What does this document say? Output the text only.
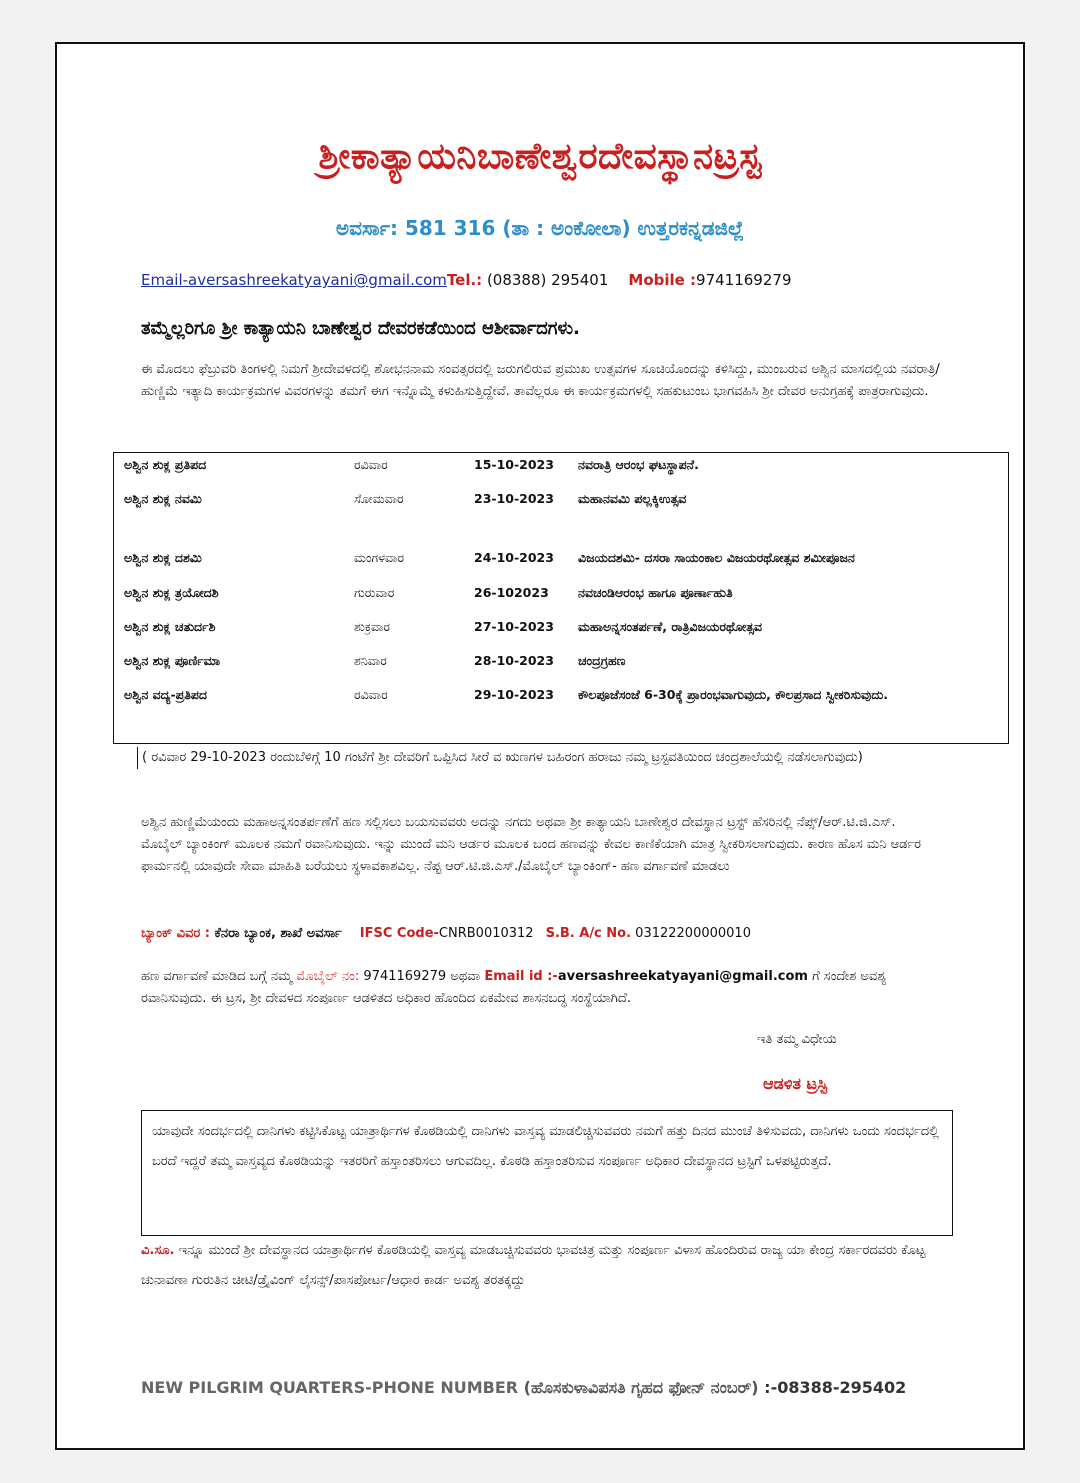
ಶ್ರೀಕಾತ್ಯಾಯನಿಬಾಣೇಶ್ವರದೇವಸ್ಥಾನಟ್ರಸ್ಟ
ಅವರ್ಸಾ: 581 316 (ತಾ : ಅಂಕೋಲಾ) ಉತ್ತರಕನ್ನಡಜಿಲ್ಲೆ
Email-aversashreekatyayani@gmail.comTel.: (08388) 295401 Mobile :9741169279
ತಮ್ಮೆಲ್ಲರಿಗೂ ಶ್ರೀ ಕಾತ್ಯಾಯನಿ ಬಾಣೇಶ್ವರ ದೇವರಕಡೆಯಿಂದ ಆಶೀರ್ವಾದಗಳು.
ಈ ಮೊದಲು ಫೆಬ್ರುವರಿ ತಿಂಗಳಲ್ಲಿ ನಿಮಗೆ ಶ್ರೀದೇವಳದಲ್ಲಿ ಶೋಭನನಾಮ ಸಂವತ್ಸರದಲ್ಲಿ ಜರುಗಲಿರುವ ಪ್ರಮುಖ ಉತ್ಸವಗಳ ಸೂಚಿಯೊಂದನ್ನು ಕಳಿಸಿದ್ದು, ಮುಂಬರುವ ಅಶ್ವಿನ ಮಾಸದಲ್ಲಿಯ ನವರಾತ್ರಿ/ಹುಣ್ಣಿಮೆ ಇತ್ಯಾದಿ ಕಾರ್ಯಕ್ರಮಗಳ ವಿವರಗಳನ್ನು ತಮಗೆ ಈಗ ಇನ್ನೊಮ್ಮೆ ಕಳುಹಿಸುತ್ತಿದ್ದೇವೆ. ತಾವೆಲ್ಲರೂ ಈ ಕಾರ್ಯಕ್ರಮಗಳಲ್ಲಿ ಸಹಕುಟುಂಬ ಭಾಗವಹಿಸಿ ಶ್ರೀ ದೇವರ ಅನುಗ್ರಹಕ್ಕೆ ಪಾತ್ರರಾಗುವುದು.
ಅಶ್ವಿನ ಶುಕ್ಲ ಪ್ರತಿಪದ	ರವಿವಾರ	15-10-2023 ನವರಾತ್ರಿ ಆರಂಭ ಘಟಸ್ಥಾಪನೆ.
ಅಶ್ವಿನ ಶುಕ್ಲ ನವಮಿ	ಸೋಮವಾರ	23-10-2023 ಮಹಾನವಮಿ ಪಲ್ಲಕ್ಕಿಉತ್ಸವ
ಅಶ್ವಿನ ಶುಕ್ಲ ದಶಮಿ	ಮಂಗಳವಾರ	24-10-2023 ವಿಜಯದಶಮಿ- ದಸರಾ ಸಾಯಂಕಾಲ ವಿಜಯರಥೋತ್ಸವ ಶಮೀಪೂಜನ
ಅಶ್ವಿನ ಶುಕ್ಲ ತ್ರಯೋದಶಿ	ಗುರುವಾರ	26-102023 ನವಚಂಡಿಆರಂಭ ಹಾಗೂ ಪೂರ್ಣಾಹುತಿ
ಅಶ್ವಿನ ಶುಕ್ಲ ಚತುರ್ದಶಿ	ಶುಕ್ರವಾರ	27-10-2023 ಮಹಾಅನ್ನಸಂತರ್ಪಣೆ, ರಾತ್ರಿವಿಜಯರಥೋತ್ಸವ
ಅಶ್ವಿನ ಶುಕ್ಲ ಪೂರ್ಣಿಮಾ	ಶನಿವಾರ	28-10-2023 ಚಂದ್ರಗ್ರಹಣ
ಅಶ್ವಿನ ವದ್ಯ-ಪ್ರತಿಪದ	ರವಿವಾರ	29-10-2023 ಕೌಲಪೂಜೆಸಂಜೆ 6-30ಕ್ಕೆ ಪ್ರಾರಂಭವಾಗುವುದು, ಕೌಲಪ್ರಸಾದ ಸ್ವೀಕರಿಸುವುದು.
( ರವಿವಾರ 29-10-2023 ರಂದುಬೆಳಿಗ್ಗೆ 10 ಗಂಟೆಗೆ ಶ್ರೀ ದೇವರಿಗೆ ಒಪ್ಪಿಸಿದ ಸೀರೆ ವ ಋಣಗಳ ಬಹಿರಂಗ ಹರಾಜು ನಮ್ಮ ಟ್ರಸ್ಟವತಿಯಿಂದ ಚಂದ್ರಶಾಲೆಯಲ್ಲಿ ನಡೆಸಲಾಗುವುದು)
ಅಶ್ವಿನ ಹುಣ್ಣಿಮೆಯಂದು ಮಹಾಅನ್ನಸಂತರ್ಪಣೆಗೆ ಹಣ ಸಲ್ಲಿಸಲು ಬಯಸುವವರು ಅದನ್ನು ನಗದು ಅಥವಾ ಶ್ರೀ ಕಾತ್ಯಾಯನಿ ಬಾಣೇಶ್ವರ ದೇವಸ್ಥಾನ ಟ್ರಸ್ಟ್ ಹೆಸರಿನಲ್ಲಿ ನೆಪ್ಸ್/ಆರ್.ಟಿ.ಜಿ.ಎಸ್. ಮೊಬೈಲ್ ಬ್ಯಾಂಕಿಂಗ್ ಮೂಲಕ ನಮಗೆ ರವಾನಿಸುವುದು. ಇನ್ನು ಮುಂದೆ ಮನಿ ಆರ್ಡರ ಮೂಲಕ ಬಂದ ಹಣವನ್ನು ಕೇವಲ ಕಾಣಿಕೆಯಾಗಿ ಮಾತ್ರ ಸ್ವೀಕರಿಸಲಾಗುವುದು. ಕಾರಣ ಹೊಸ ಮನಿ ಆರ್ಡರ ಫಾರ್ಮನಲ್ಲಿ ಯಾವುದೇ ಸೇವಾ ಮಾಹಿತಿ ಬರೆಯಲು ಸ್ಥಳಾವಕಾಶವಿಲ್ಲ. ನೆಪ್ಟ ಆರ್.ಟಿ.ಜಿ.ಎಸ್./ಮೊಬೈಲ್ ಬ್ಯಾಂಕಿಂಗ್- ಹಣ ವರ್ಗಾವಣೆ ಮಾಡಲು
ಬ್ಯಾಂಕ್ ವಿವರ : ಕೆನರಾ ಬ್ಯಾಂಕ, ಶಾಖೆ ಅವರ್ಸಾ IFSC Code-CNRB0010312 S.B. A/c No. 03122200000010
ಹಣ ವರ್ಗಾವಣೆ ಮಾಡಿದ ಬಗ್ಗೆ ನಮ್ಮ ಮೊಬೈಲ್ ನಂ: 9741169279 ಅಥವಾ Email id :-aversashreekatyayani@gmail.com ಗೆ ಸಂದೇಶ ಅವಶ್ಯ ರವಾನಿಸುವುದು. ಈ ಟ್ರಸ, ಶ್ರೀ ದೇವಳದ ಸಂಪೂರ್ಣ ಆಡಳಿತದ ಅಧಿಕಾರ ಹೊಂದಿದ ಏಕಮೇವ ಶಾಸನಬದ್ಧ ಸಂಸ್ಥೆಯಾಗಿದೆ.
ಇತಿ ತಮ್ಮ ವಿಧೇಯ
ಆಡಳಿತ ಟ್ರಸ್ಟಿ
ಯಾವುದೇ ಸಂದರ್ಭದಲ್ಲಿ ದಾನಿಗಳು ಕಟ್ಟಿಸಿಕೊಟ್ಟ ಯಾತ್ರಾರ್ಥಿಗಳ ಕೊಠಡಿಯಲ್ಲಿ ದಾನಿಗಳು ವಾಸ್ತವ್ಯ ಮಾಡಲಿಚ್ಚಿಸುವವರು ನಮಗೆ ಹತ್ತು ದಿನದ ಮುಂಚೆ ತಿಳಿಸುವದು, ದಾನಿಗಳು ಒಂದು ಸಂದರ್ಭದಲ್ಲಿ ಬರದೆ ಇದ್ದರೆ ತಮ್ಮ ವಾಸ್ತವ್ಯದ ಕೊಠಡಿಯನ್ನು ಇತರರಿಗೆ ಹಸ್ತಾಂತರಿಸಲು ಆಗುವದಿಲ್ಲ. ಕೊಠಡಿ ಹಸ್ತಾಂತರಿಸುವ ಸಂಪೂರ್ಣ ಅಧಿಕಾರ ದೇವಸ್ಥಾನದ ಟ್ರಸ್ಟಿಗೆ ಒಳಪಟ್ಟಿರುತ್ತದೆ.
ವಿ.ಸೂ. ಇನ್ನೂ ಮುಂದೆ ಶ್ರೀ ದೇವಸ್ಥಾನದ ಯಾತ್ರಾರ್ಥಿಗಳ ಕೊಠಡಿಯಲ್ಲಿ ವಾಸ್ತವ್ಯ ಮಾಡಬಚ್ಚಿಸುವವರು ಭಾವಚಿತ್ರ ಮತ್ತು ಸಂಪೂರ್ಣ ವಿಳಾಸ ಹೊಂದಿರುವ ರಾಜ್ಯ ಯಾ ಕೇಂದ್ರ ಸರ್ಕಾರದವರು ಕೊಟ್ಟ ಚುನಾವಣಾ ಗುರುತಿನ ಚೀಟಿ/ಡ್ರೈವಿಂಗ್ ಲೈಸನ್ಸ್/ಪಾಸಪೋರ್ಟ/ಆಧಾರ ಕಾರ್ಡ ಅವಶ್ಯ ತರತಕ್ಕದ್ದು
NEW PILGRIM QUARTERS-PHONE NUMBER (ಹೊಸಕುಳಾವಿಪಸತಿ ಗೃಹದ ಫೋನ್ ನಂಬರ್) :-08388-295402
